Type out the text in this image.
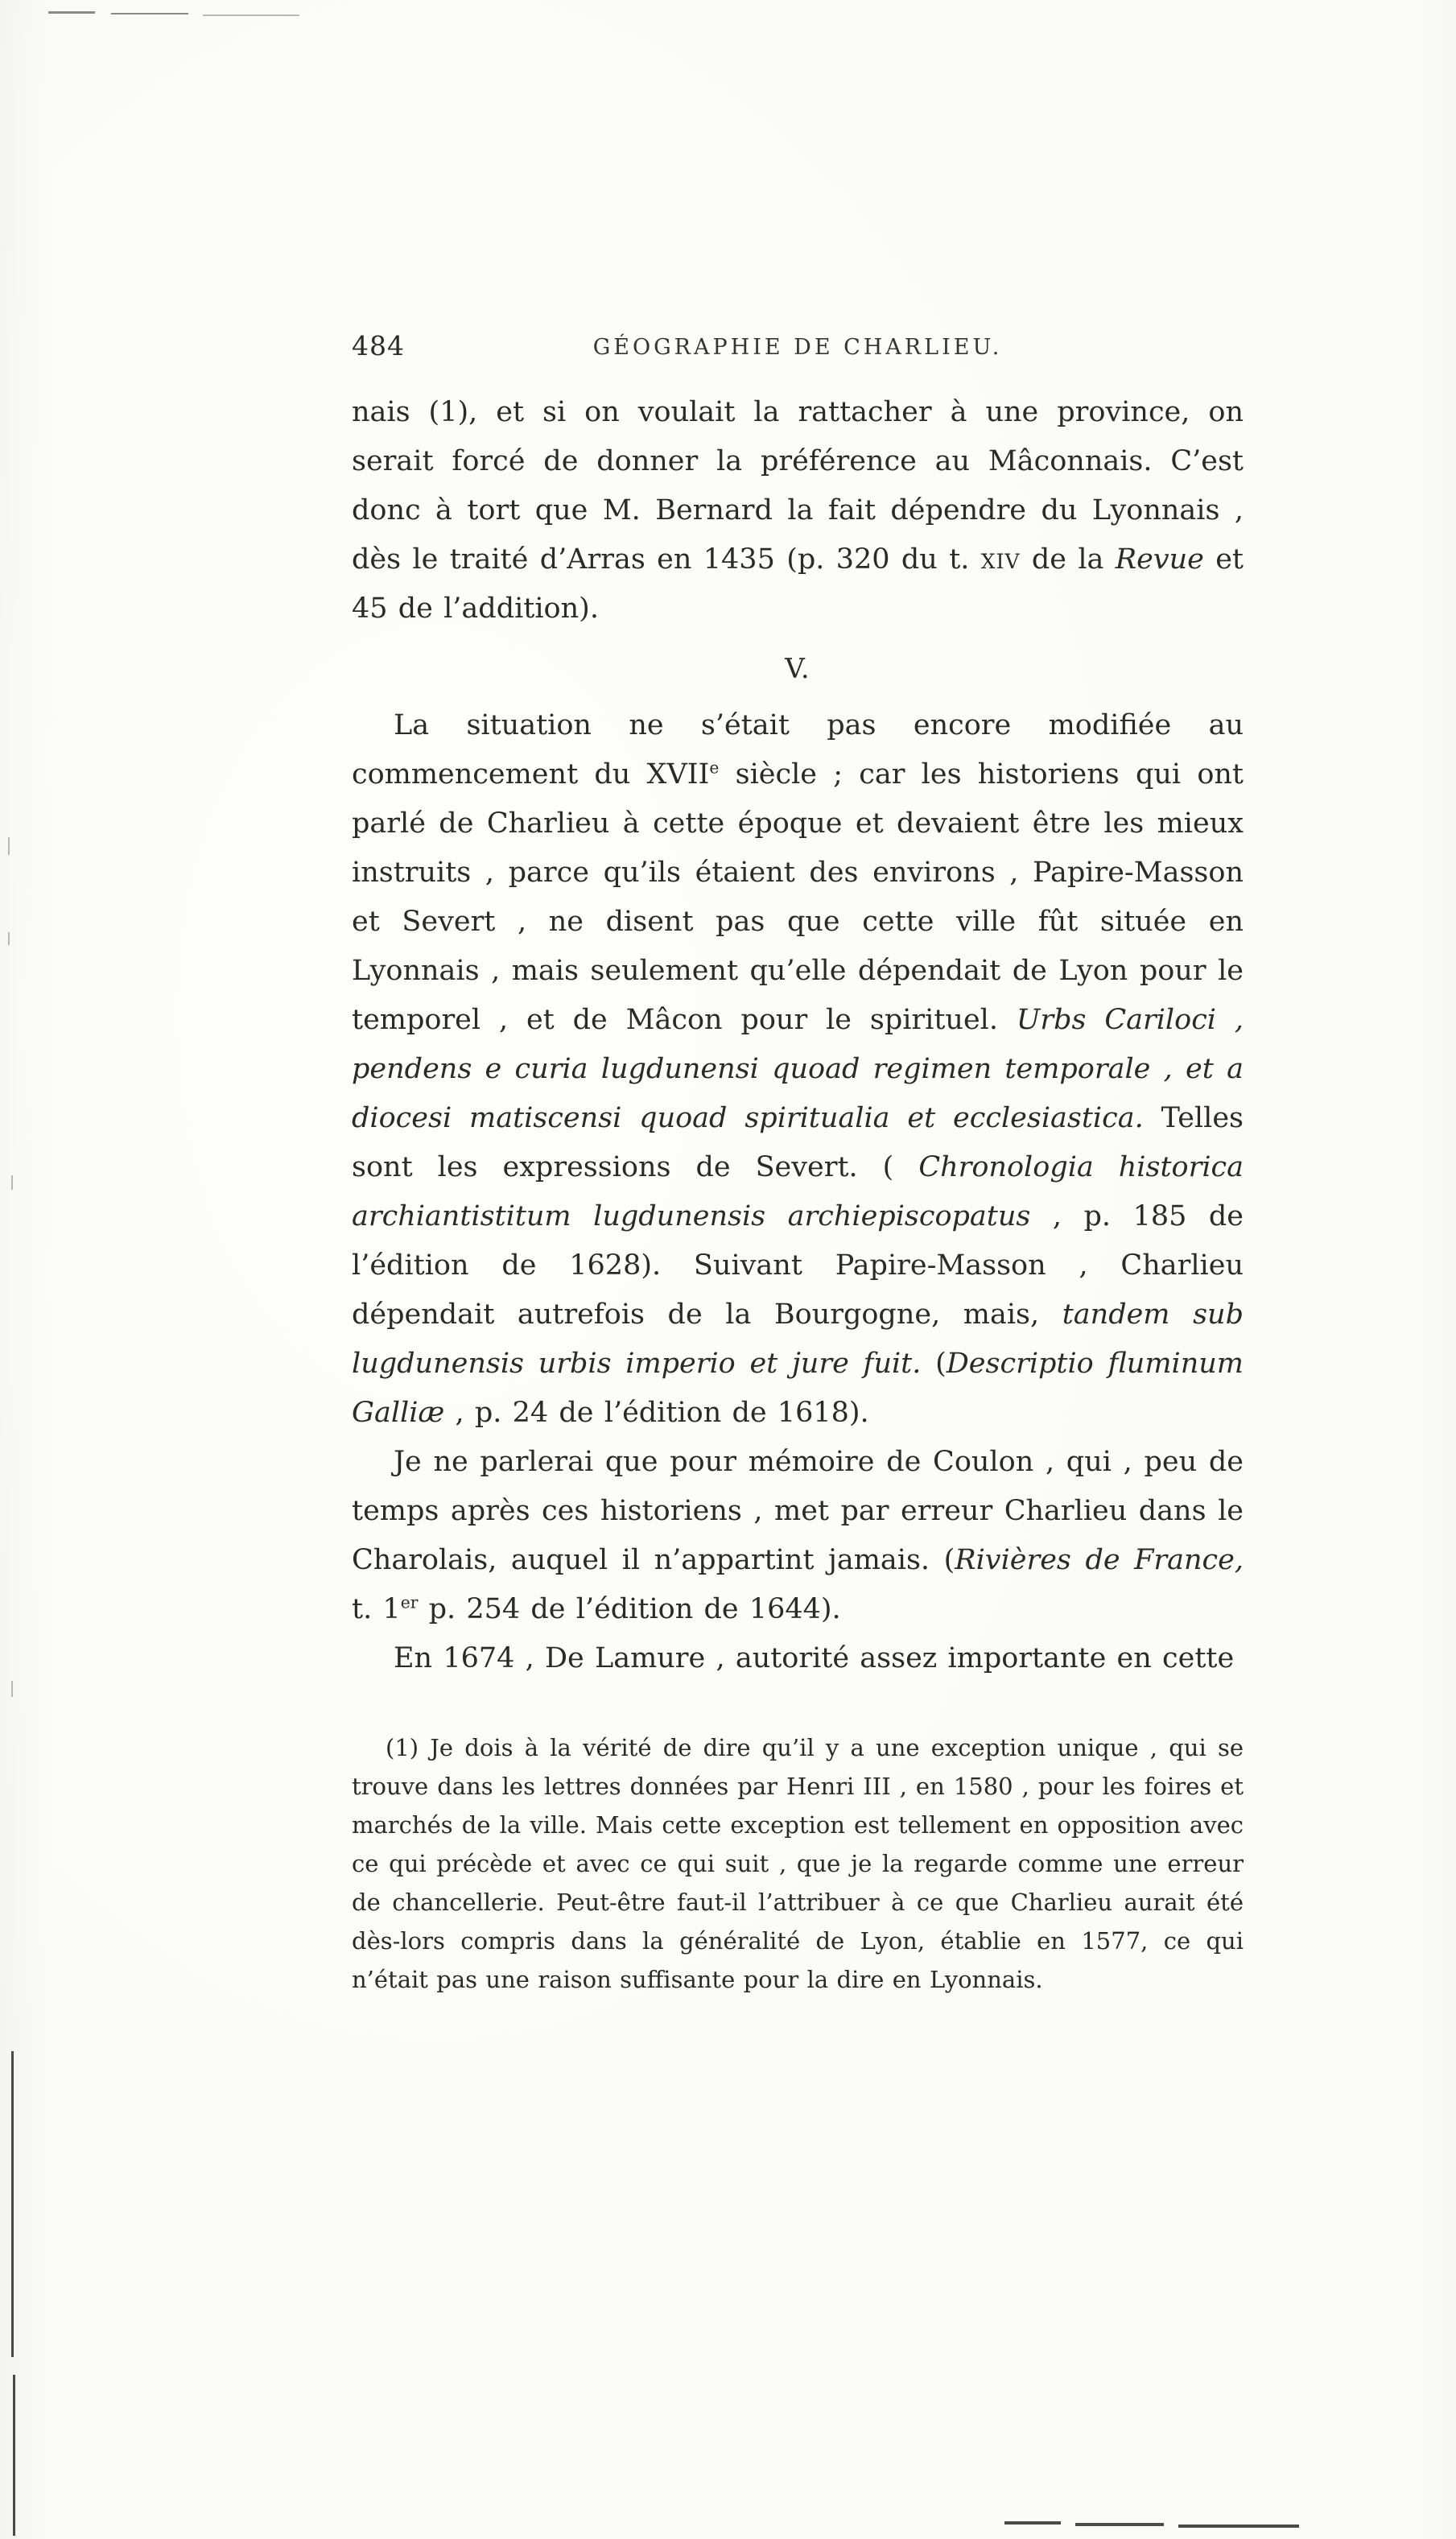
484	GÉOGRAPHIE DE CHARLIEU.

nais (1), et si on voulait la rattacher à une province, on serait forcé de donner la préférence au Mâconnais. C’est donc à tort que M. Bernard la fait dépendre du Lyonnais , dès le traité d’Arras en 1435 (p. 320 du t. xiv de la Revue et 45 de l’addition).

V.

La situation ne s’était pas encore modifiée au commencement du XVIIe siècle ; car les historiens qui ont parlé de Charlieu à cette époque et devaient être les mieux instruits , parce qu’ils étaient des environs , Papire-Masson et Severt , ne disent pas que cette ville fût située en Lyonnais , mais seulement qu’elle dépendait de Lyon pour le temporel , et de Mâcon pour le spirituel. Urbs Cariloci , pendens e curia lugdunensi quoad regimen temporale , et a diocesi matiscensi quoad spiritualia et ecclesiastica. Telles sont les expressions de Severt. ( Chronologia historica archiantistitum lugdunensis archiepiscopatus , p. 185 de l’édition de 1628). Suivant Papire-Masson , Charlieu dépendait autrefois de la Bourgogne, mais, tandem sub lugdunensis urbis imperio et jure fuit. (Descriptio fluminum Galliæ , p. 24 de l’édition de 1618).

Je ne parlerai que pour mémoire de Coulon , qui , peu de temps après ces historiens , met par erreur Charlieu dans le Charolais, auquel il n’appartint jamais. (Rivières de France, t. 1er p. 254 de l’édition de 1644).

En 1674 , De Lamure , autorité assez importante en cette

(1) Je dois à la vérité de dire qu’il y a une exception unique , qui se trouve dans les lettres données par Henri III , en 1580 , pour les foires et marchés de la ville. Mais cette exception est tellement en opposition avec ce qui précède et avec ce qui suit , que je la regarde comme une erreur de chancellerie. Peut-être faut-il l’attribuer à ce que Charlieu aurait été dès-lors compris dans la généralité de Lyon, établie en 1577, ce qui n’était pas une raison suffisante pour la dire en Lyonnais.
